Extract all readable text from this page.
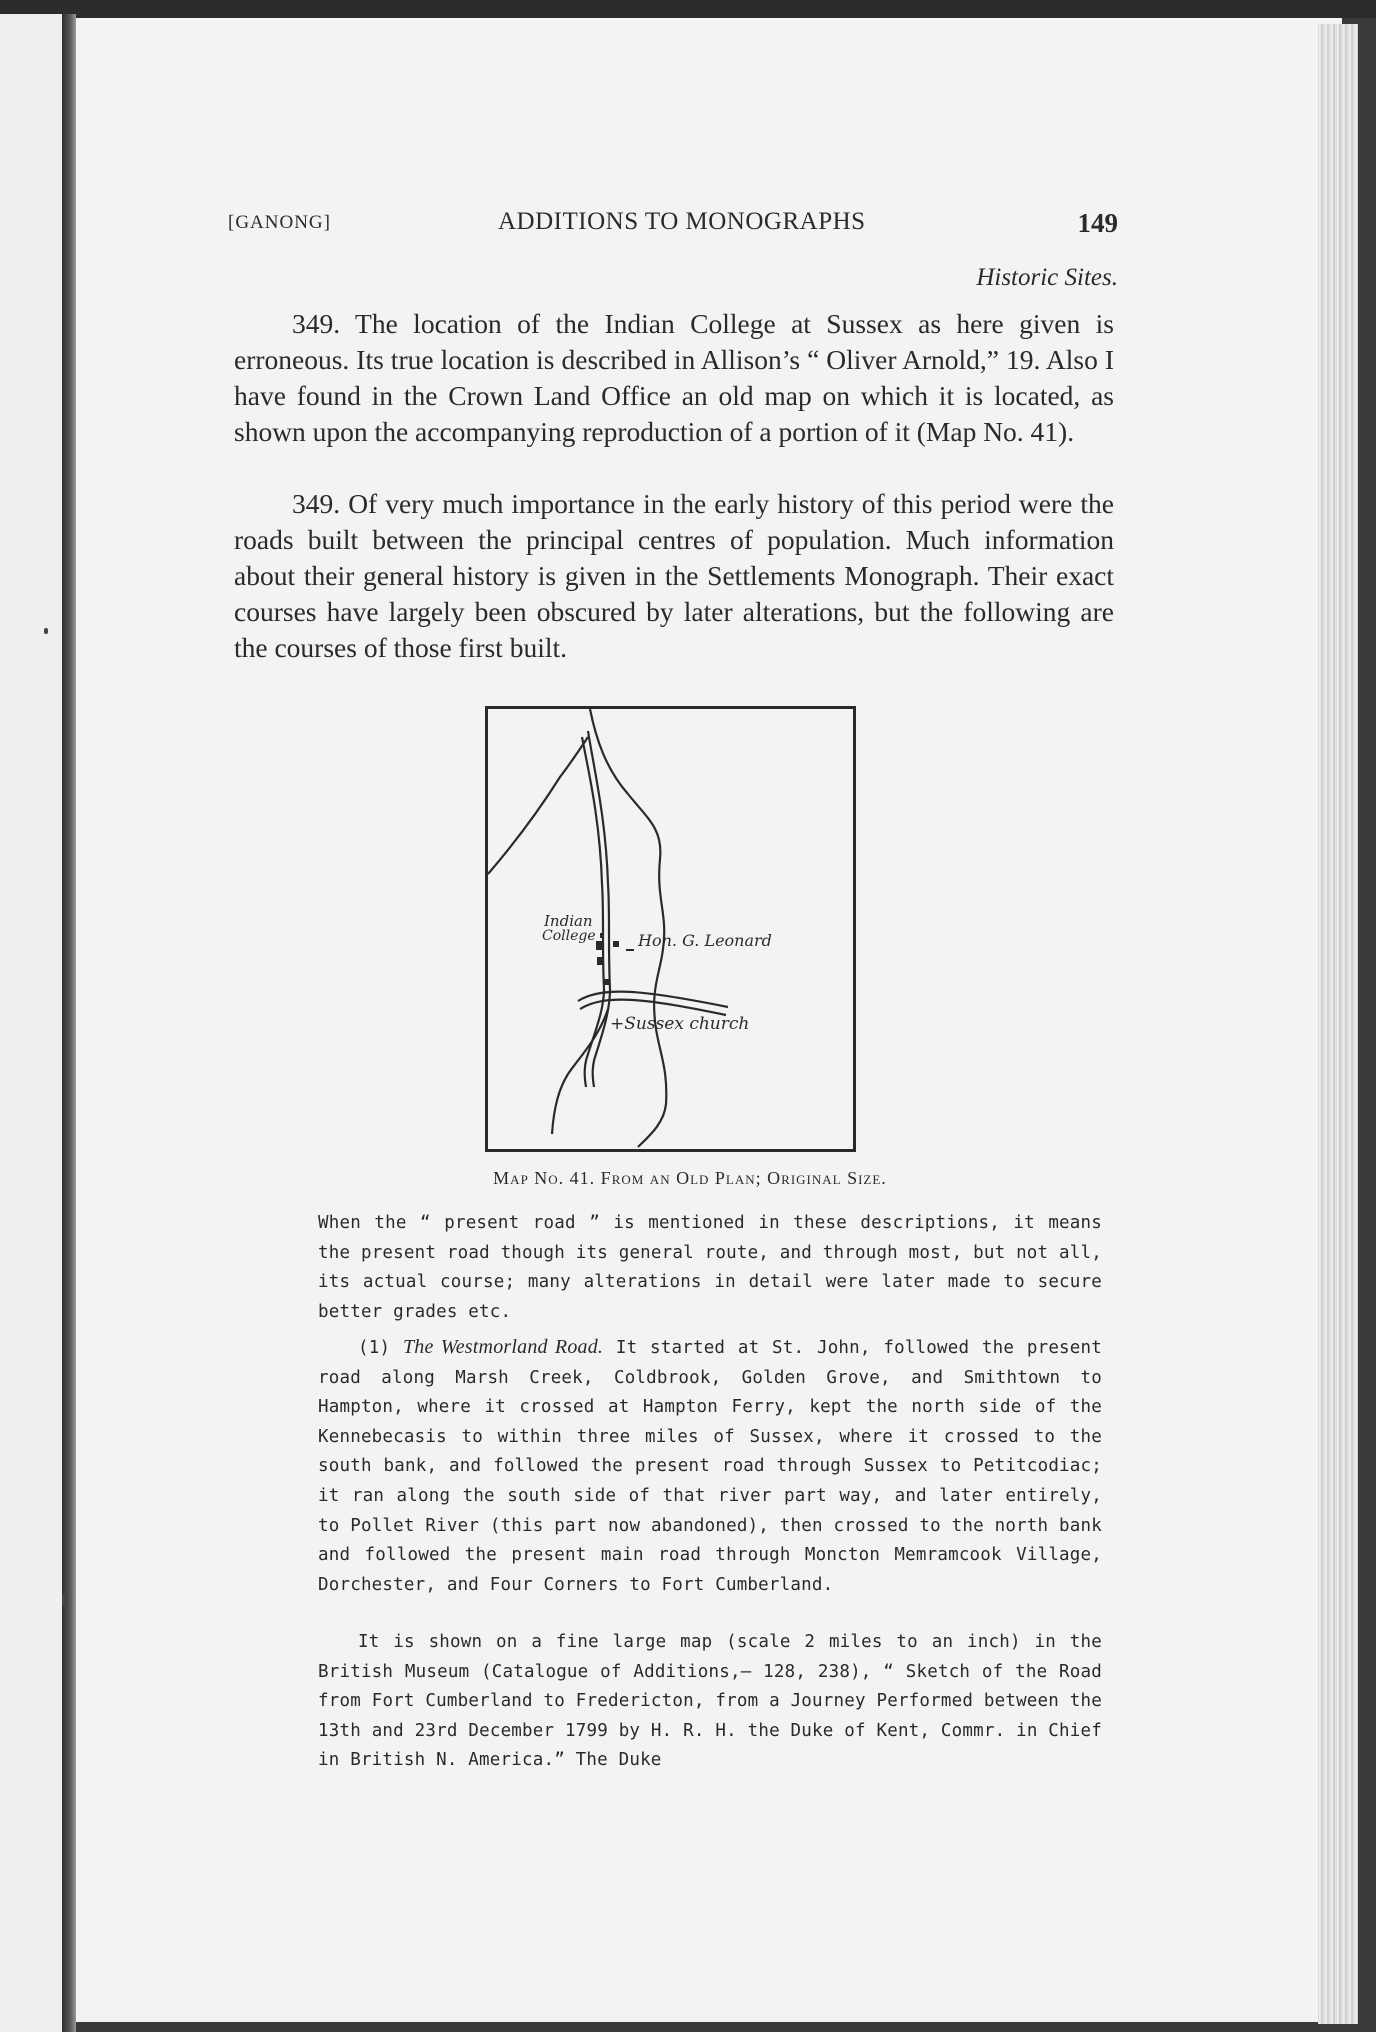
[GANONG]	ADDITIONS TO MONOGRAPHS	149
Historic Sites.

349. The location of the Indian College at Sussex as here given is erroneous. Its true location is described in Allison’s “ Oliver Arnold,” 19. Also I have found in the Crown Land Office an old map on which it is located, as shown upon the accompanying reproduction of a portion of it (Map No. 41).

349. Of very much importance in the early history of this period were the roads built between the principal centres of population. Much information about their general history is given in the Settlements Monograph. Their exact courses have largely been obscured by later alterations, but the following are the courses of those first built.

Indian
College	Hon. G. Leonard
+Sussex church
Map No. 41. From an Old Plan; Original Size.

When the “ present road ” is mentioned in these descriptions, it means the present road though its general route, and through most, but not all, its actual course; many alterations in detail were later made to secure better grades etc.

(1) The Westmorland Road. It started at St. John, followed the present road along Marsh Creek, Coldbrook, Golden Grove, and Smithtown to Hampton, where it crossed at Hampton Ferry, kept the north side of the Kennebecasis to within three miles of Sussex, where it crossed to the south bank, and followed the present road through Sussex to Petitcodiac; it ran along the south side of that river part way, and later entirely, to Pollet River (this part now abandoned), then crossed to the north bank and followed the present main road through Moncton Memramcook Village, Dorchester, and Four Corners to Fort Cumberland.

It is shown on a fine large map (scale 2 miles to an inch) in the British Museum (Catalogue of Additions,— 128, 238), “ Sketch of the Road from Fort Cumberland to Fredericton, from a Journey Performed between the 13th and 23rd December 1799 by H. R. H. the Duke of Kent, Commr. in Chief in British N. America.” The Duke
